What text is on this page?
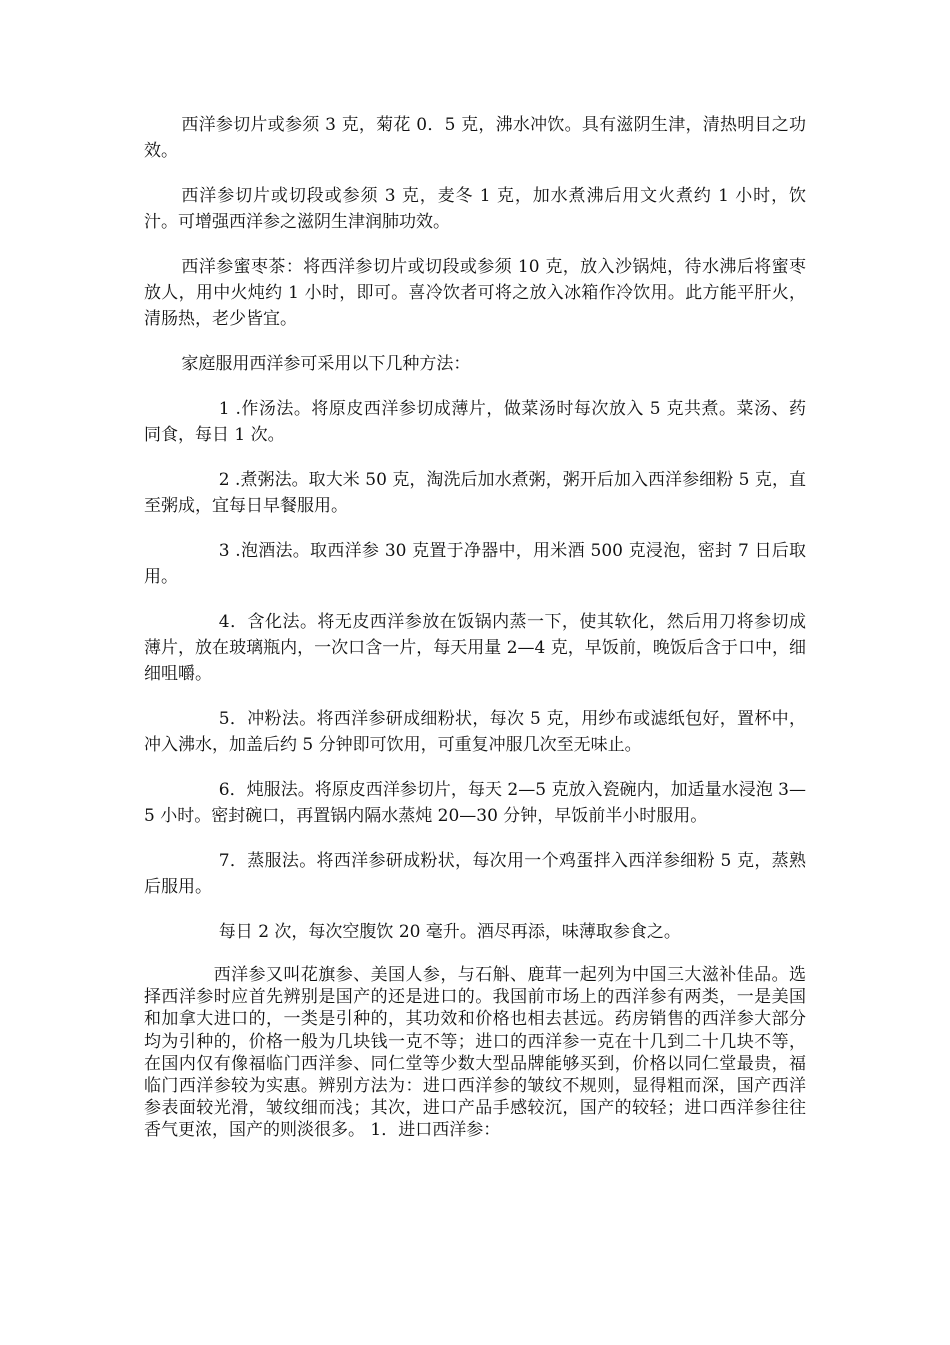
西洋参切片或参须 3 克，菊花 0．5 克，沸水冲饮。具有滋阴生津，清热明目之功效。

西洋参切片或切段或参须 3 克，麦冬 1 克，加水煮沸后用文火煮约 1 小时，饮汁。可增强西洋参之滋阴生津润肺功效。

西洋参蜜枣茶：将西洋参切片或切段或参须 10 克，放入沙锅炖，待水沸后将蜜枣放人，用中火炖约 1 小时，即可。喜冷饮者可将之放入冰箱作冷饮用。此方能平肝火，清肠热，老少皆宜。

家庭服用西洋参可采用以下几种方法：

1 .作汤法。将原皮西洋参切成薄片，做菜汤时每次放入 5 克共煮。菜汤、药同食，每日 1 次。

2 .煮粥法。取大米 50 克，淘洗后加水煮粥，粥开后加入西洋参细粉 5 克，直至粥成，宜每日早餐服用。

3 .泡酒法。取西洋参 30 克置于净器中，用米酒 500 克浸泡，密封 7 日后取用。

4．含化法。将无皮西洋参放在饭锅内蒸一下，使其软化，然后用刀将参切成薄片，放在玻璃瓶内，一次口含一片，每天用量 2—4 克，早饭前，晚饭后含于口中，细细咀嚼。

5．冲粉法。将西洋参研成细粉状，每次 5 克，用纱布或滤纸包好，置杯中，冲入沸水，加盖后约 5 分钟即可饮用，可重复冲服几次至无味止。

6．炖服法。将原皮西洋参切片，每天 2—5 克放入瓷碗内，加适量水浸泡 3—5 小时。密封碗口，再置锅内隔水蒸炖 20—30 分钟，早饭前半小时服用。

7．蒸服法。将西洋参研成粉状，每次用一个鸡蛋拌入西洋参细粉 5 克，蒸熟后服用。

每日 2 次，每次空腹饮 20 毫升。酒尽再添，味薄取参食之。

西洋参又叫花旗参、美国人参，与石斛、鹿茸一起列为中国三大滋补佳品。选择西洋参时应首先辨别是国产的还是进口的。我国前市场上的西洋参有两类，一是美国和加拿大进口的，一类是引种的，其功效和价格也相去甚远。药房销售的西洋参大部分均为引种的，价格一般为几块钱一克不等；进口的西洋参一克在十几到二十几块不等，在国内仅有像福临门西洋参、同仁堂等少数大型品牌能够买到，价格以同仁堂最贵，福临门西洋参较为实惠。辨别方法为：进口西洋参的皱纹不规则，显得粗而深，国产西洋参表面较光滑，皱纹细而浅；其次，进口产品手感较沉，国产的较轻；进口西洋参往往香气更浓，国产的则淡很多。 1．进口西洋参：
